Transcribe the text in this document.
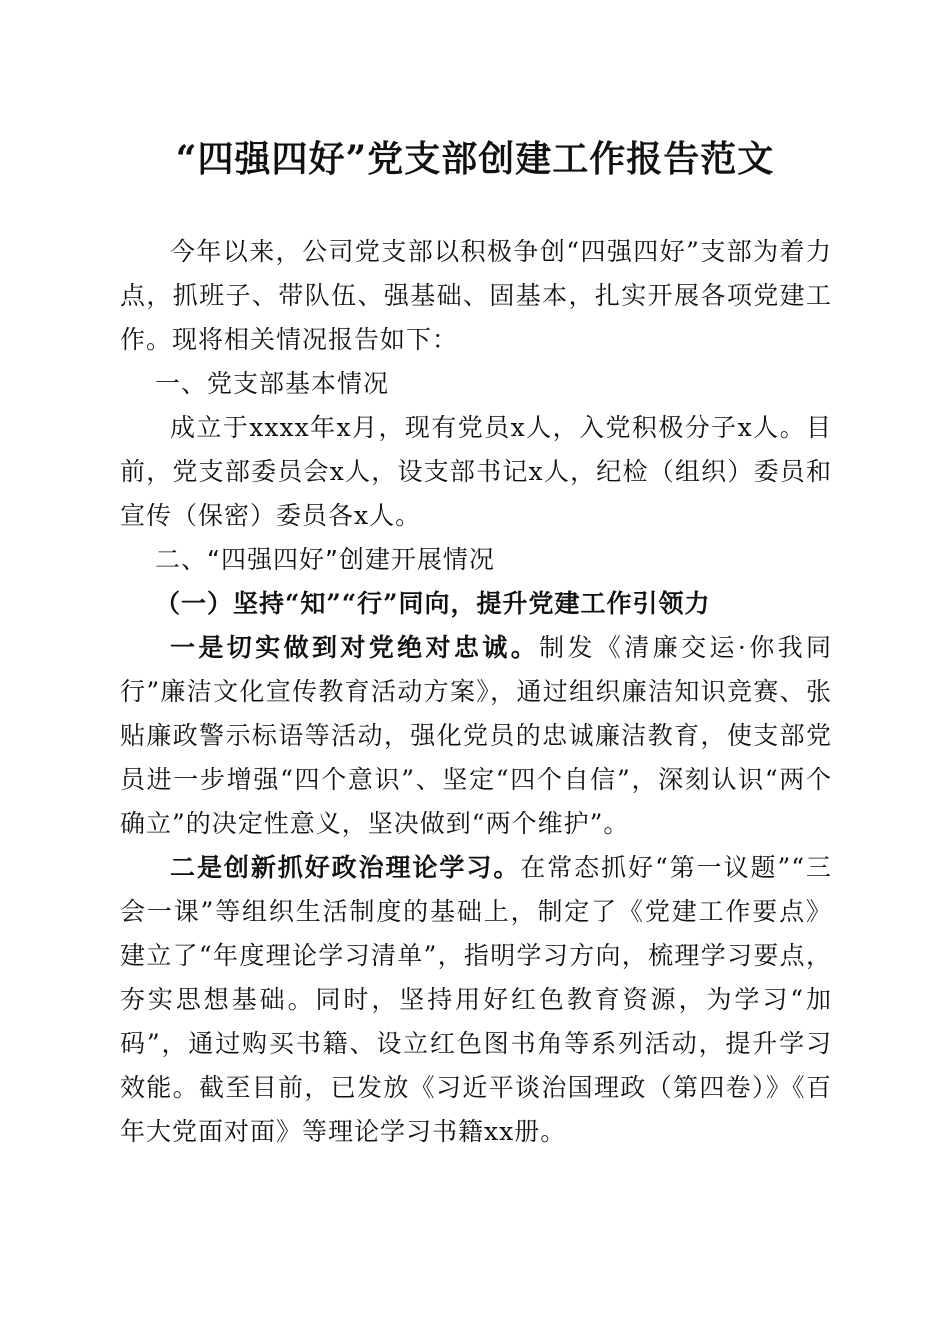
“四强四好”党支部创建工作报告范文

今年以来，公司党支部以积极争创“四强四好”支部为着力点，抓班子、带队伍、强基础、固基本，扎实开展各项党建工作。现将相关情况报告如下：

一、党支部基本情况

成立于xxxx年x月，现有党员x人，入党积极分子x人。目前，党支部委员会x人，设支部书记x人，纪检（组织）委员和宣传（保密）委员各x人。

二、“四强四好”创建开展情况

（一）坚持“知”“行”同向，提升党建工作引领力

一是切实做到对党绝对忠诚。制发《清廉交运·你我同行”廉洁文化宣传教育活动方案》，通过组织廉洁知识竞赛、张贴廉政警示标语等活动，强化党员的忠诚廉洁教育，使支部党员进一步增强“四个意识”、坚定“四个自信”，深刻认识“两个确立”的决定性意义，坚决做到“两个维护”。

二是创新抓好政治理论学习。在常态抓好“第一议题”“三会一课”等组织生活制度的基础上，制定了《党建工作要点》建立了“年度理论学习清单”，指明学习方向，梳理学习要点，夯实思想基础。同时，坚持用好红色教育资源，为学习“加码”，通过购买书籍、设立红色图书角等系列活动，提升学习效能。截至目前，已发放《习近平谈治国理政（第四卷）》《百年大党面对面》等理论学习书籍xx册。
